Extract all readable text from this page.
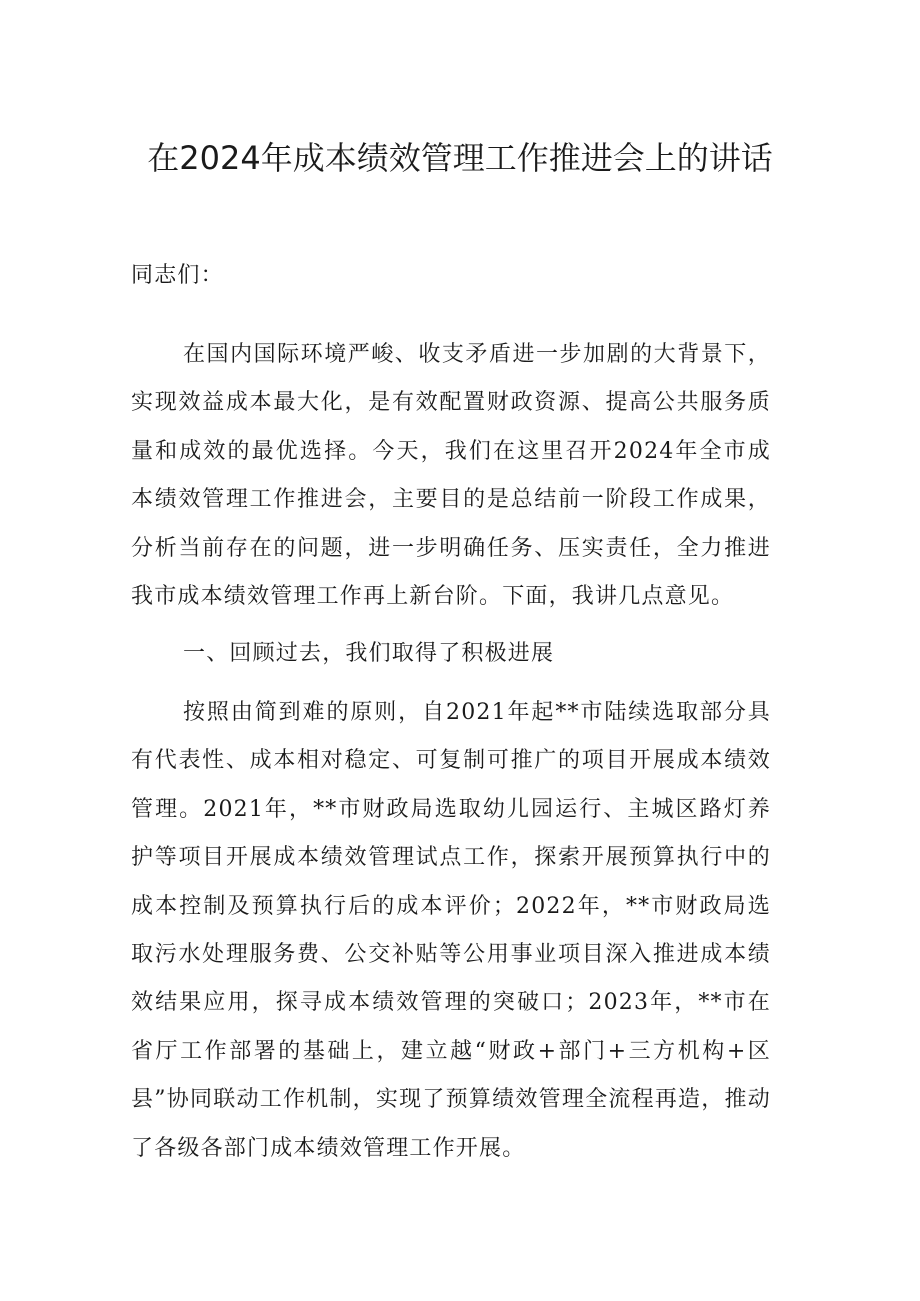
在2024年成本绩效管理工作推进会上的讲话

同志们：

在国内国际环境严峻、收支矛盾进一步加剧的大背景下，实现效益成本最大化，是有效配置财政资源、提高公共服务质量和成效的最优选择。今天，我们在这里召开2024年全市成本绩效管理工作推进会，主要目的是总结前一阶段工作成果，分析当前存在的问题，进一步明确任务、压实责任，全力推进我市成本绩效管理工作再上新台阶。下面，我讲几点意见。

一、回顾过去，我们取得了积极进展

按照由简到难的原则，自2021年起**市陆续选取部分具有代表性、成本相对稳定、可复制可推广的项目开展成本绩效管理。2021年，**市财政局选取幼儿园运行、主城区路灯养护等项目开展成本绩效管理试点工作，探索开展预算执行中的成本控制及预算执行后的成本评价；2022年，**市财政局选取污水处理服务费、公交补贴等公用事业项目深入推进成本绩效结果应用，探寻成本绩效管理的突破口；2023年，**市在省厅工作部署的基础上，建立越“财政+部门+三方机构+区县”协同联动工作机制，实现了预算绩效管理全流程再造，推动了各级各部门成本绩效管理工作开展。
